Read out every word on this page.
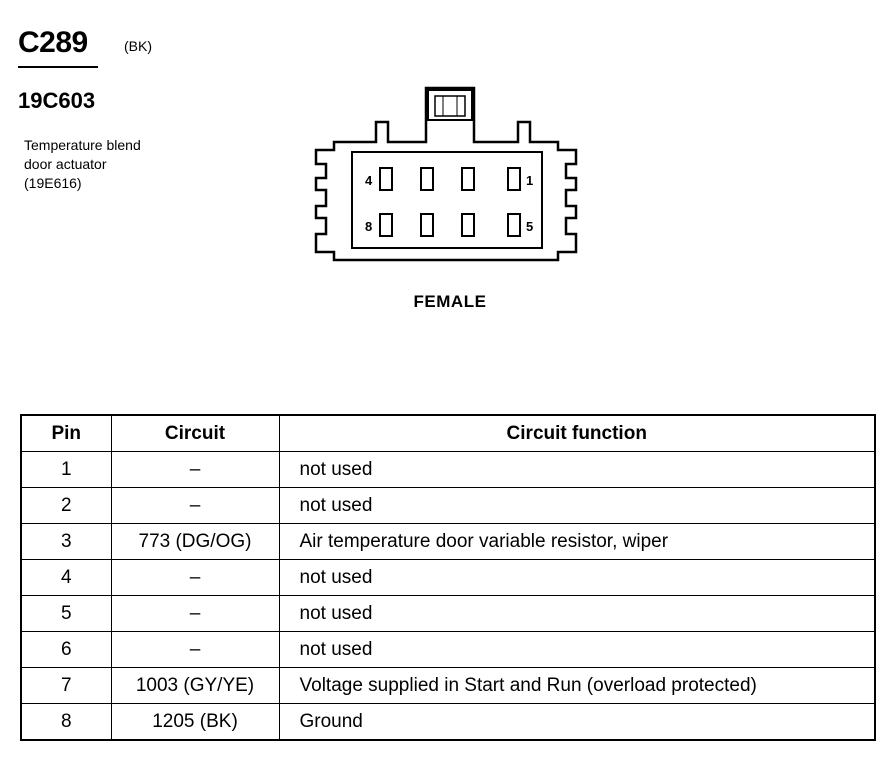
C289	(BK)
19C603
Temperature blend
door actuator
(19E616)	4	1
8	5
FEMALE
Pin	Circuit	Circuit function
1	–	not used
2	–	not used
3	773 (DG/OG)	Air temperature door variable resistor, wiper
4	–	not used
5	–	not used
6	–	not used
7	1003 (GY/YE)	Voltage supplied in Start and Run (overload protected)
8	1205 (BK)	Ground
